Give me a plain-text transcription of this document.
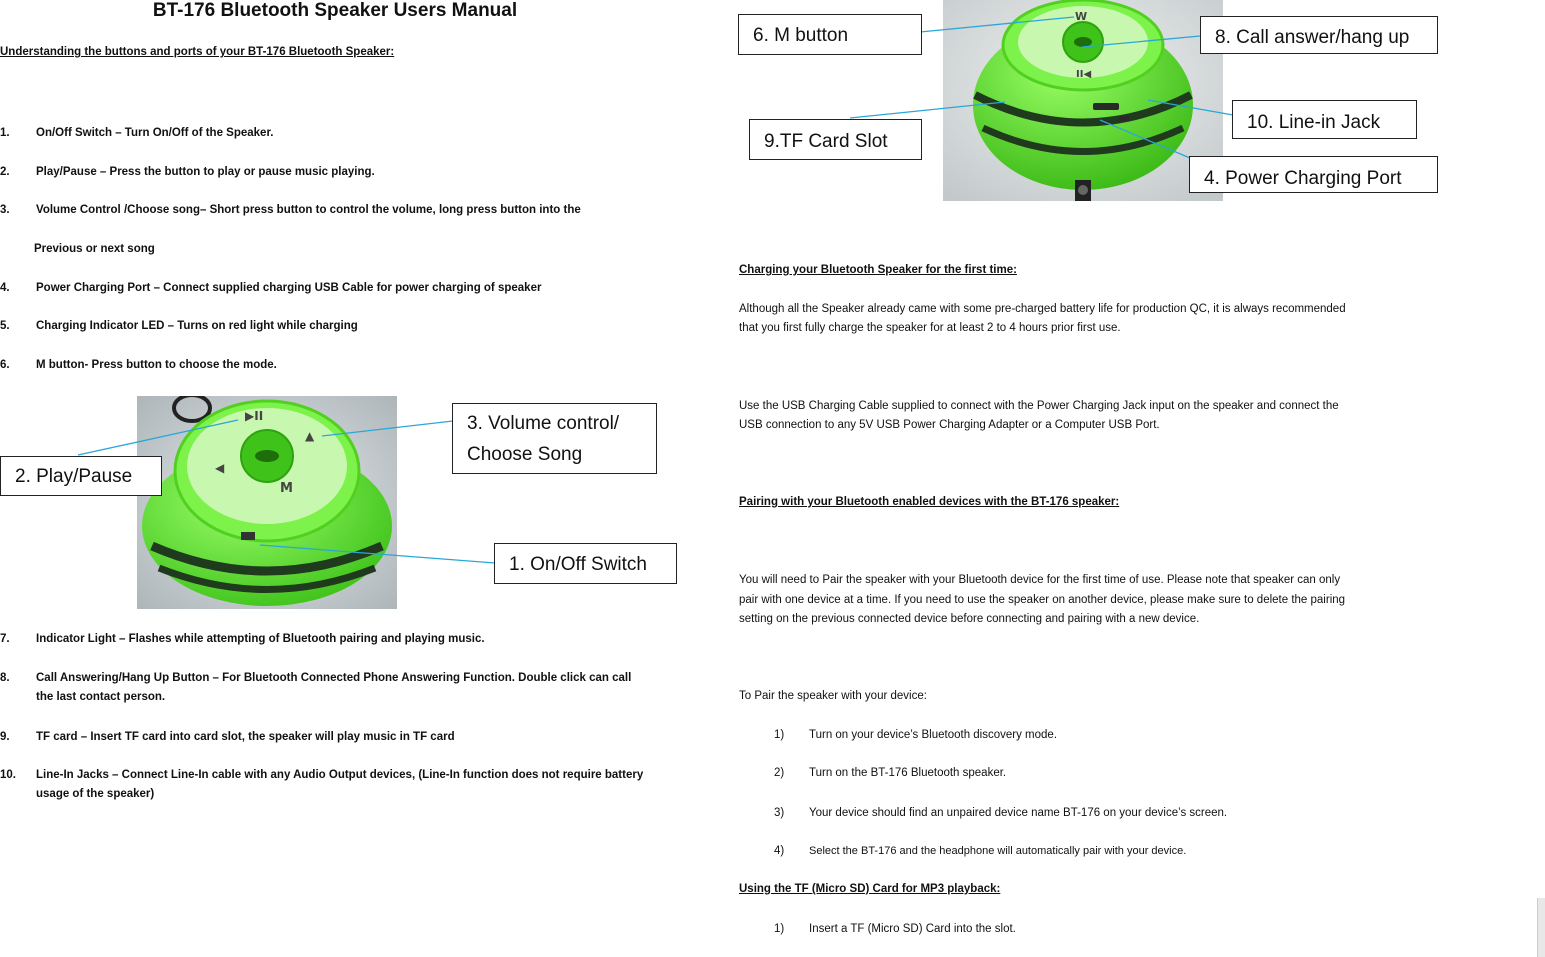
BT-176 Bluetooth Speaker Users Manual
Understanding the buttons and ports of your BT-176 Bluetooth Speaker:
1. On/Off Switch – Turn On/Off of the Speaker.
2. Play/Pause – Press the button to play or pause music playing.
3. Volume Control /Choose song– Short press button to control the volume, long press button into the
Previous or next song
4. Power Charging Port – Connect supplied charging USB Cable for power charging of speaker
5. Charging Indicator LED – Turns on red light while charging
6. M button- Press button to choose the mode.
▶II
▲
◀
M
2. Play/Pause
3. Volume control/
Choose Song
1. On/Off Switch
7. Indicator Light – Flashes while attempting of Bluetooth pairing and playing music.
8. Call Answering/Hang Up Button – For Bluetooth Connected Phone Answering Function. Double click can call
the last contact person.
9. TF card – Insert TF card into card slot, the speaker will play music in TF card
10. Line-In Jacks – Connect Line-In cable with any Audio Output devices, (Line-In function does not require battery
usage of the speaker)
W
II◀
6. M button	8. Call answer/hang up
9.TF Card Slot
10. Line-in Jack
4. Power Charging Port
Charging your Bluetooth Speaker for the first time:
Although all the Speaker already came with some pre-charged battery life for production QC, it is always recommended
that you first fully charge the speaker for at least 2 to 4 hours prior first use.
Use the USB Charging Cable supplied to connect with the Power Charging Jack input on the speaker and connect the
USB connection to any 5V USB Power Charging Adapter or a Computer USB Port.
Pairing with your Bluetooth enabled devices with the BT-176 speaker:
You will need to Pair the speaker with your Bluetooth device for the first time of use. Please note that speaker can only
pair with one device at a time. If you need to use the speaker on another device, please make sure to delete the pairing
setting on the previous connected device before connecting and pairing with a new device.
To Pair the speaker with your device:
1) Turn on your device’s Bluetooth discovery mode.
2) Turn on the BT-176 Bluetooth speaker.
3) Your device should find an unpaired device name BT-176 on your device’s screen.
4) Select the BT-176 and the headphone will automatically pair with your device.
Using the TF (Micro SD) Card for MP3 playback:
1) Insert a TF (Micro SD) Card into the slot.
